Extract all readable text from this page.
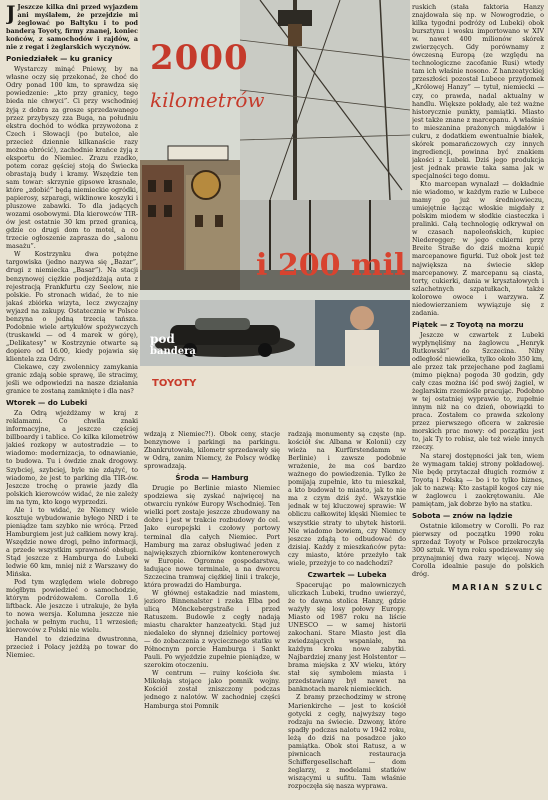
2000
kilometrów
i 200 mil
pod
banderą
TOYOTY

J Jeszcze kilka dni przed wyjazdem ani myślałem, że przejdzie mi żeglować po Bałtyku i to pod banderą Toyoty, firmy znanej, koniec końców, z samochodów i rajdów, a nie z regat i żeglarskich wyczynów.

Poniedziałek — ku granicy

Wystarczy minąć Pniewy, by na własne oczy się przekonać, że choć do Odry ponad 100 km, to sprawdza się powiedzenie: „kto przy granicy, tego bieda nie chwyci”. Ci przy wschodniej żyją z dobra za grosze sprzedawanego przez przybyszy zza Buga, na południu ekstra dochód to wódka przywożona z Czech i Słowacji (po butelce, ale przecież dziennie kilkanaście razy można obrócić), zachodnie krańce żyją z eksportu do Niemiec. Zrazu rzadko, potem coraz gęściej stoją do Świecka obrastają budy i kramy. Wszędzie ten sam towar: skrzynie gipsowe krasnale, które „zdobić” będą niemieckie ogródki, papierosy, szparagi, wiklinowe koszyki i pluszowe zabawki. To dla jadących wozami osobowymi. Dla kierowców TIR-ów jest ostatnie 30 km przed granicą, gdzie co drugi dom to motel, a co trzecie ogłoszenie zaprasza do „salonu masażu”.

W Kostrzynku dwa potężne targowiska (jedno nazywa się „Bazar”, drugi z niemiecka „Basar”). Na stacji benzynowej ciężkie podjeżdżają auta z rejestracją Frankfurtu czy Seelow, nie polskie. Po stronach widać, że to nie jakaś zbiórka wizyta, lecz zwyczajny wyjazd na zakupy. Ostatecznie w Polsce benzyna o jedną trzecią tańsza. Podobnie wiele artykułów spożywczych (truskawki — od 4 marek w górę), „Delikatesy” w Kostrzynie otwarte są dopiero od 16.00, kiedy pojawia się klientela zza Odry.

Ciekawe, czy zwolennicy zamykania granic zdają sobie sprawę, ile stracimy, jeśli we odpowiedzi na nasze działania granice te zostaną zamknięte i dla nas?

Wtorek — do Lubeki

Za Odrą wjeżdżamy w kraj z reklamami. Co chwila znaki informacyjne, a jeszcze częściej billboardy i tablice. Co kilka kilometrów jakieś rozkopy w autostradzie — to wiadomo: modernizacja, to odnawianie, to budowa. Tu i ówdzie znak drogowy. Szybciej, szybciej, byle nie zdążyć, to wiadomo, że jest to parking dla TIR-ów. Jeszcze trochę o prawie jazdy dla polskich kierowców widać, że nie zależy im na tym, kto kogo wyprzedzi.

Ale i to widać, że Niemcy wiele kosztuje wybudowanie byłego NRD i te pieniądze tam szybko nie wrócą. Przed Hamburgiem jest już całkiem nowy kraj. Wszędzie nowe drogi, pełno informacji, a przede wszystkim sprawność obsługi. Stąd jeszcze z Hamburga do Lubeki ledwie 60 km, mniej niż z Warszawy do Mińska.

Pod tym względem wiele dobrego mógłbym powiedzieć o samochodzie, którym podróżowałem. Corolla 1.6 liftback. Ale jeszcze i utrakuje, że była to nowa wersja. Kolumna jeszcze nie jechała w pełnym ruchu, 11 wrzesień; kierowców z Polski nie wielu.

Handel to dziedzina dwustronna, przecież i Polacy jeżdżą po towar do Niemiec.

wdzają z Niemiec?!). Obok ceny, stacje benzynowe i parkingi na parkingu. Zbankrutowała, kilometr sprzedawały się w Odrą, zanim Niemcy, że Polscy wódkę sprowadzają.

Środa — Hamburg

Drugie po Berlinie miasto Niemiec spodziewa się zyskać najwięcej na otwarciu rynków Europy Wschodniej. Ten wielki port zostaje jeszcze zbudowany na dobre i jest w trakcie rozbudowy do cel. Jako europejski i czołowy portowy terminal dla całych Niemiec. Port Hamburg ma zaraz obsługiwać jeden z największych zbiorników kontenerowych w Europie. Ogromne gospodarstwa, ładujące nowe terminale, a na dworcu Szczecina tramwaj ciężkiej linii i trakcje, która prowadzi do Hamburga.

W głównej estakadzie nad miastem, jezioro Binnenalster i rzeka Elba pod ulicą Mönckebergstraße i przed Ratuszem. Budowle z cegły nadają miastu charakter hanzeatycki. Stąd już niedaleko do słynnej dzielnicy portowej — do zobaczenia z wyciecznego statku w Północnym porcie Hamburga i Sankt Pauli. Po wyjeździe zupełnie pieniądze, w szerokim otoczeniu.

W centrum — ruiny kościoła św. Mikołaja stojące jako pomnik wojny. Kościół został zniszczony podczas jednego z nalotów. W zachodniej części Hamburga stoi Pomnik

radzają monumenty są częste (np. kościół św. Albana w Kolonii) czy wieża na Kurfürstendamm w Berlinie) i zawsze podobnie wrażenie, że ma coś bardzo ważnego do powiedzenia. Tylko że pomijają zupełnie, kto tu mieszkał, a kto budował to miasto, jak to nie ma z czym dziś żyć. Wszystkie jednak w tej kluczowej sprawie: W obliczu całkowitej klęski Niemiec te wszystkie straty to ubytek historii. Nie wiadomo bowiem, czy Niemcy jeszcze zdążą to odbudować do dzisiaj. Każdy z mieszkańców pyta: czy miasto, które przeżyło tak wiele, przeżyje to co nadchodzi?

Czwartek — Lubeka

Spacerując po malowniczych uliczkach Lubeki, trudno uwierzyć, że to dawna stolica Hanzy, gdzie ważyły się losy połowy Europy. Miasto od 1987 roku na liście UNESCO — w samej historii zakochani. Stare Miasto jest dla zwiedzających wspaniałe, na każdym kroku nowe zabytki. Najbardziej znany jest Holstentor — brama miejska z XV wieku, który stał się symbolem miasta i przedstawiany był nawet na banknotach marek niemieckich.

Z bramy przechodzimy w stronę Marienkirche — jest to kościół gotycki z cegły, najwyższy tego rodzaju na świecie. Dzwony, które spadły podczas nalotu w 1942 roku, leżą do dziś na posadzce jako pamiątka. Obok stoi Ratusz, a w piwnicach restauracja Schiffergesellschaft — dom żeglarzy, z modelami statków wiszącymi u sufitu. Tam właśnie rozpoczęła się nasza wyprawa.

ruskich (stała faktoria Hanzy znajdowała się np. w Nowogrodzie, o kilka tygodni podróży od Lubeki) obok bursztynu i wosku importowano w XIV w. nawet 400 milionów skórek zwierzęcych. Gdy porównamy z ówczesną Europą (ze względu na technologiczne zacofanie Rusi) wtedy tam ich właśnie nosono. Z hanzeatyckiej przeszłości pozostał Lubece przydomek „Królowej Hanzy” — tytuł, niemiecki — czy, co prawda, nadal aktualny w handlu. Większe pokłady, ale też ważne historycznie punkty, pamiątki. Miasto jest także znane z marcepanu. A właśnie to mieszanina prażonych migdałów i cukru, z dodatkiem ewentualnie białek, skórek pomarańczowych czy innych ingrediencji, powinna być znakiem jakości z Lubeki. Dziś jego produkcja jest jednak prawie taka sama jak w specjalności tego domu.

Kto marcepan wynalazł — dokładnie nie wiadomo, w każdym razie w Lubece mamy go już w średniowieczu, umiejętnie łącząc włoskie migdały z polskim miodem w słodkie ciasteczka i pralinki. Całą technologię odkrywał on w czasach napoleońskich, kupiec Niederegger; w jego cukierni przy Breite Straße do dziś można kupić marcepanowe figurki. Tuż obok jest też największa na świecie sklep marcepanowy. Z marcepanu są ciasta, torty, cukierki, dania w kryształowych i szlachetnych szpatułkach, także kolorowe owoce i warzywa. Z niedowierzaniem wywiązuje się z zadania.

Piątek — z Toyotą na morzu

Jeszcze w czwartek z Lubeki wypłynęliśmy na żaglowcu „Henryk Rutkowski” do Szczecina. Niby odległość niewielka, tylko około 350 km, ale przez tak przejechane pod żaglami (mimo piękna) pogoda 30 godzin, gdy cały czas można iść pod swój żagiel, w żeglarskim rzemiośle pracując. Podobno w tej ostatniej wyprawie to, zupełnie innym niż na co dzień, obowiązki to praca. Zostałem co prawda szkolony przez pierwszego oficera w zakresie morskich prac mowy: od początku jest to, jak Ty to robisz, ale też wiele innych rzeczy.

Na starej dostępności jak ten, wiem że wymagam takiej strony pokładowej. Nie będę przytaczał długich rozmów z Toyotą i Polską — bo i to tylko biznes, jak to nazwą: Kto zastąpił kogoś czy nie w żaglowcu i zaokrętowaniu. Ale pamiętam, jak dobrze było na statku.

Sobota — znów na lądzie

Ostatnie kilometry w Corolli. Po raz pierwszy od początku 1990 roku sprzedaż Toyoty w Polsce przekroczyła 300 sztuk. W tym roku spodziewamy się przynajmniej dwa razy więcej. Nowa Corolla idealnie pasuje do polskich dróg.

MARIAN SZULC
